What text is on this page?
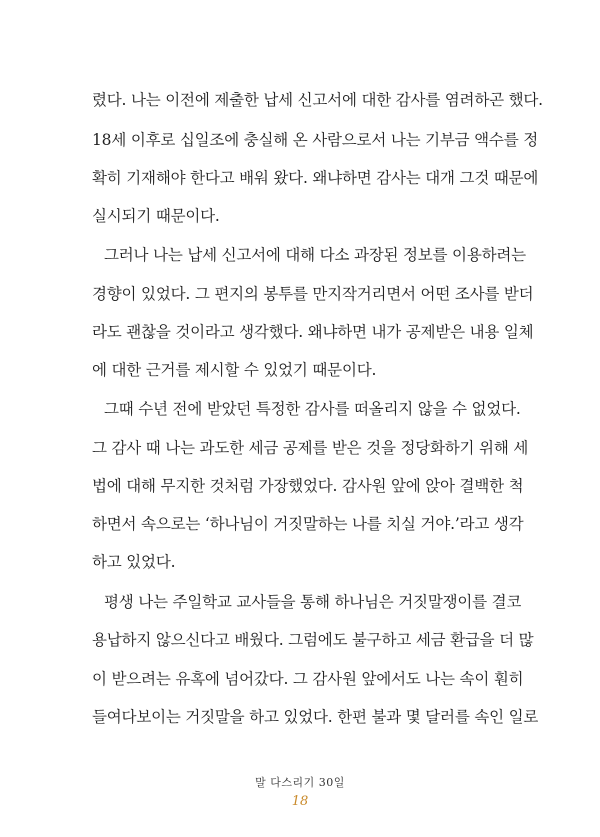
렸다. 나는 이전에 제출한 납세 신고서에 대한 감사를 염려하곤 했다.
18세 이후로 십일조에 충실해 온 사람으로서 나는 기부금 액수를 정
확히 기재해야 한다고 배워 왔다. 왜냐하면 감사는 대개 그것 때문에
실시되기 때문이다.
그러나 나는 납세 신고서에 대해 다소 과장된 정보를 이용하려는
경향이 있었다. 그 편지의 봉투를 만지작거리면서 어떤 조사를 받더
라도 괜찮을 것이라고 생각했다. 왜냐하면 내가 공제받은 내용 일체
에 대한 근거를 제시할 수 있었기 때문이다.
그때 수년 전에 받았던 특정한 감사를 떠올리지 않을 수 없었다.
그 감사 때 나는 과도한 세금 공제를 받은 것을 정당화하기 위해 세
법에 대해 무지한 것처럼 가장했었다. 감사원 앞에 앉아 결백한 척
하면서 속으로는 ‘하나님이 거짓말하는 나를 치실 거야.’라고 생각
하고 있었다.
평생 나는 주일학교 교사들을 통해 하나님은 거짓말쟁이를 결코
용납하지 않으신다고 배웠다. 그럼에도 불구하고 세금 환급을 더 많
이 받으려는 유혹에 넘어갔다. 그 감사원 앞에서도 나는 속이 훤히
들여다보이는 거짓말을 하고 있었다. 한편 불과 몇 달러를 속인 일로
말 다스리기 30일
18
